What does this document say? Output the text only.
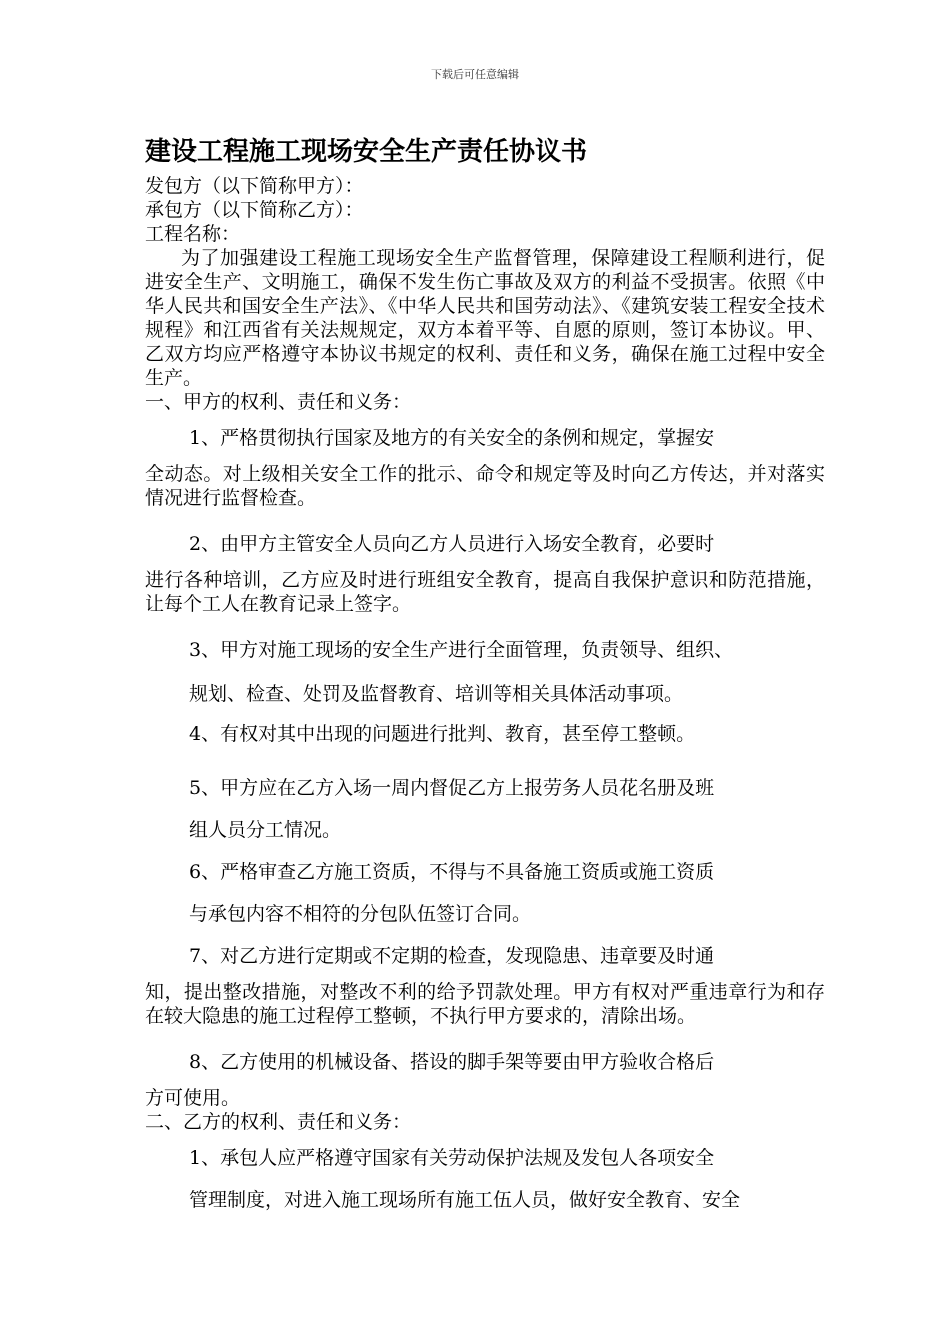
下载后可任意编辑
建设工程施工现场安全生产责任协议书

发包方（以下简称甲方）：

承包方（以下简称乙方）：

工程名称：

为了加强建设工程施工现场安全生产监督管理，保障建设工程顺利进行，促进安全生产、文明施工，确保不发生伤亡事故及双方的利益不受损害。依照《中华人民共和国安全生产法》、《中华人民共和国劳动法》、《建筑安装工程安全技术规程》和江西省有关法规规定，双方本着平等、自愿的原则，签订本协议。甲、乙双方均应严格遵守本协议书规定的权利、责任和义务，确保在施工过程中安全生产。

一、甲方的权利、责任和义务：

1、严格贯彻执行国家及地方的有关安全的条例和规定，掌握安
全动态。对上级相关安全工作的批示、命令和规定等及时向乙方传达，并对落实情况进行监督检查。

2、由甲方主管安全人员向乙方人员进行入场安全教育，必要时
进行各种培训，乙方应及时进行班组安全教育，提高自我保护意识和防范措施，让每个工人在教育记录上签字。

3、甲方对施工现场的安全生产进行全面管理，负责领导、组织、
规划、检查、处罚及监督教育、培训等相关具体活动事项。

4、有权对其中出现的问题进行批判、教育，甚至停工整顿。

5、甲方应在乙方入场一周内督促乙方上报劳务人员花名册及班
组人员分工情况。

6、严格审查乙方施工资质，不得与不具备施工资质或施工资质
与承包内容不相符的分包队伍签订合同。

7、对乙方进行定期或不定期的检查，发现隐患、违章要及时通
知，提出整改措施，对整改不利的给予罚款处理。甲方有权对严重违章行为和存在较大隐患的施工过程停工整顿，不执行甲方要求的，清除出场。

8、乙方使用的机械设备、搭设的脚手架等要由甲方验收合格后
方可使用。

二、乙方的权利、责任和义务：

1、承包人应严格遵守国家有关劳动保护法规及发包人各项安全
管理制度，对进入施工现场所有施工伍人员，做好安全教育、安全
